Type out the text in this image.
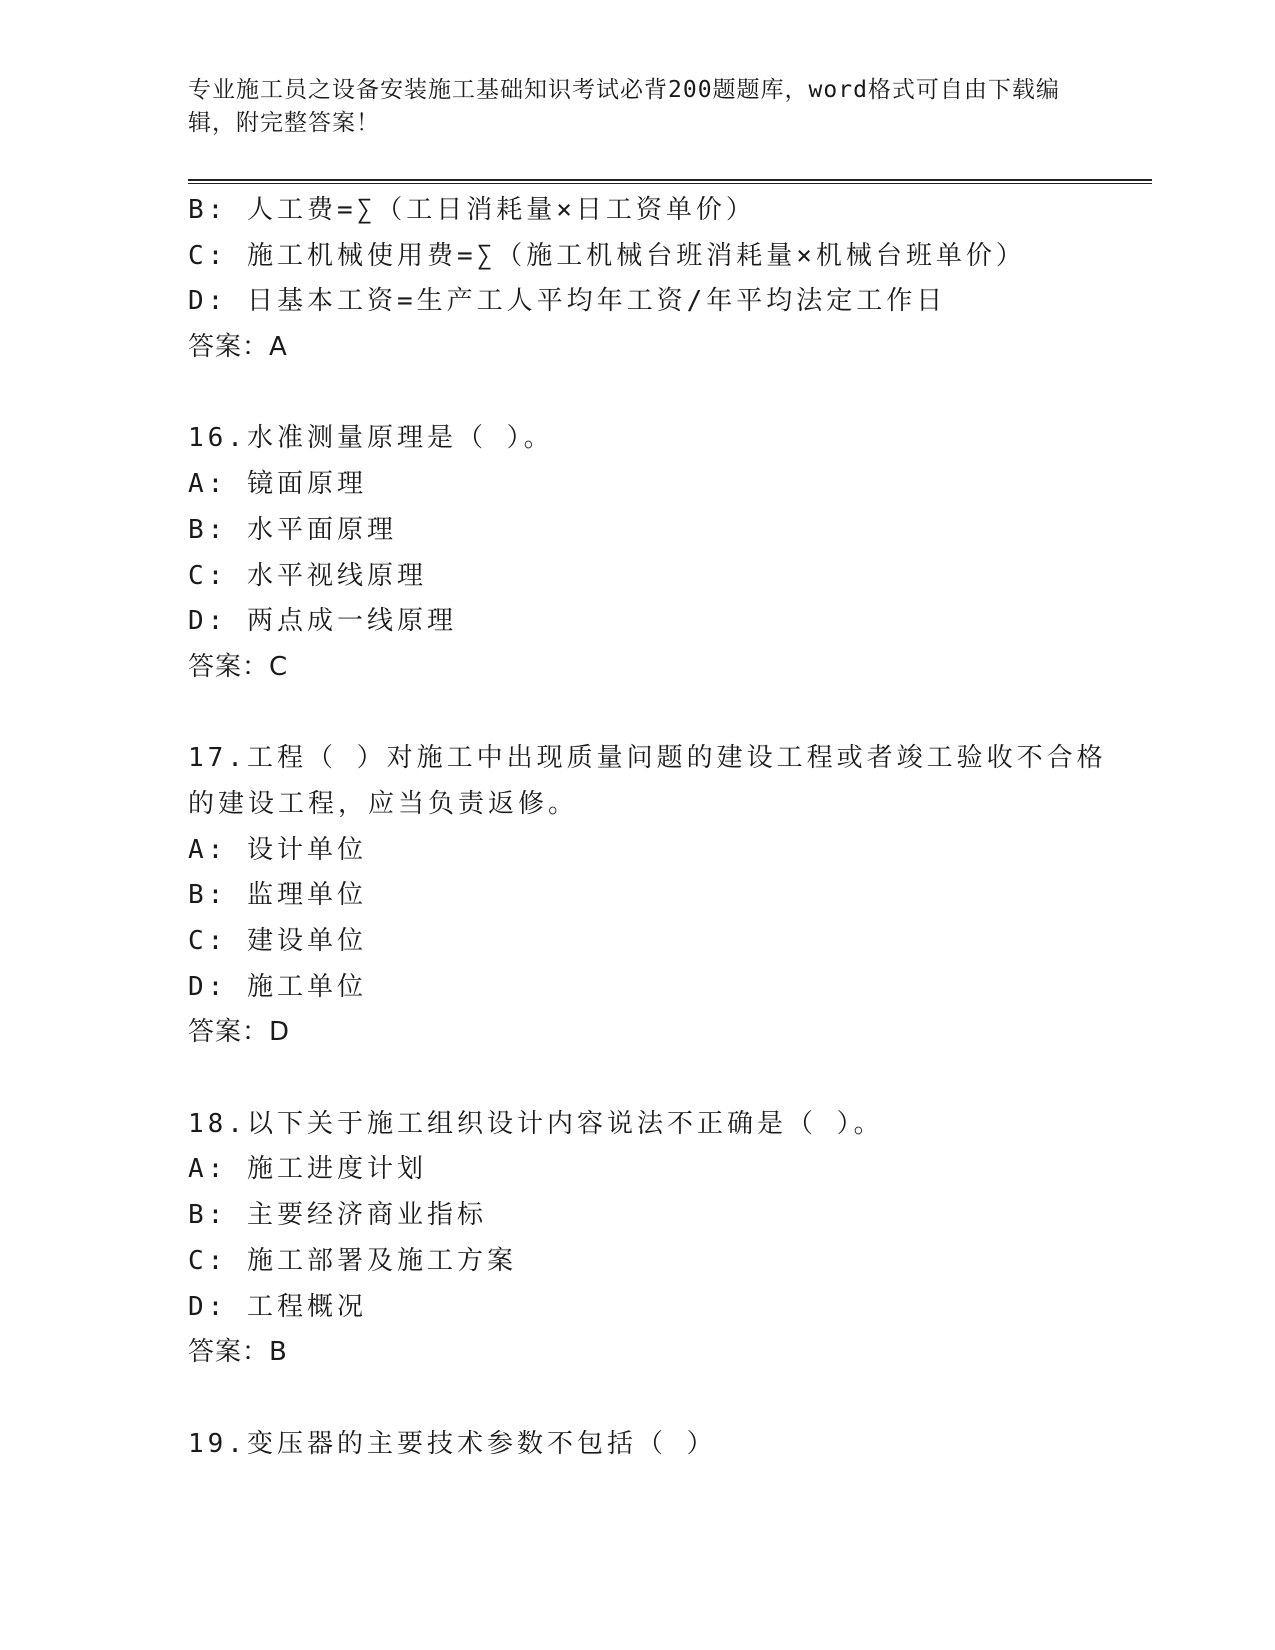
专业施工员之设备安装施工基础知识考试必背200题题库，word格式可自由下载编辑，附完整答案！
B: 人工费=∑（工日消耗量×日工资单价）
C: 施工机械使用费=∑（施工机械台班消耗量×机械台班单价）
D: 日基本工资=生产工人平均年工资/年平均法定工作日
答案：A
16.水准测量原理是（ ）。
A: 镜面原理
B: 水平面原理
C: 水平视线原理
D: 两点成一线原理
答案：C
17.工程（ ）对施工中出现质量问题的建设工程或者竣工验收不合格的建设工程，应当负责返修。
A: 设计单位
B: 监理单位
C: 建设单位
D: 施工单位
答案：D
18.以下关于施工组织设计内容说法不正确是（ ）。
A: 施工进度计划
B: 主要经济商业指标
C: 施工部署及施工方案
D: 工程概况
答案：B
19.变压器的主要技术参数不包括（ ）
